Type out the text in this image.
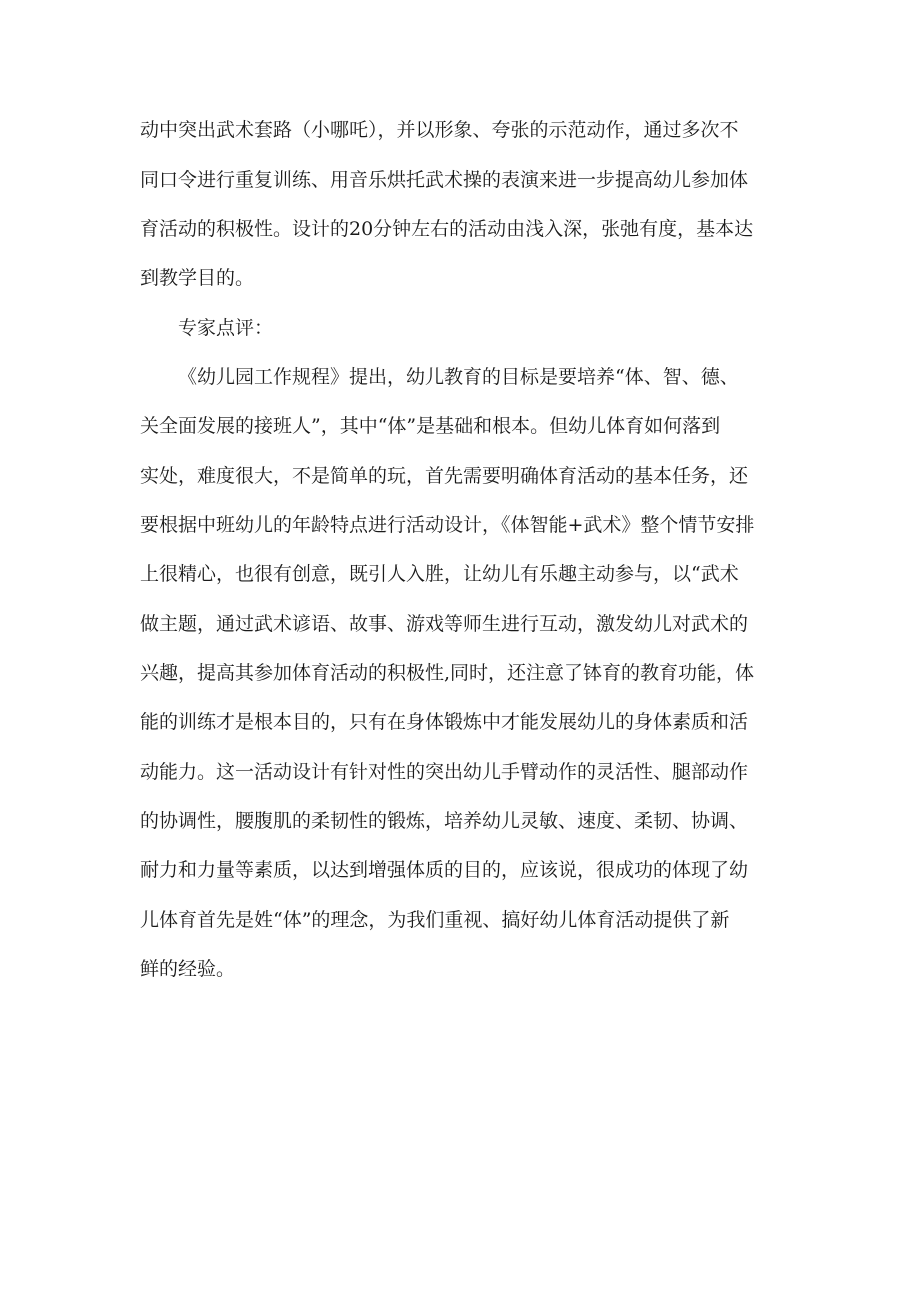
动中突出武术套路（小哪吒），并以形象、夸张的示范动作，通过多次不
同口令进行重复训练、用音乐烘托武术操的表演来进一步提高幼儿参加体
育活动的积极性。设计的20分钟左右的活动由浅入深，张弛有度，基本达
到教学目的。
专家点评：
《幼儿园工作规程》提出，幼儿教育的目标是要培养“体、智、德、
关全面发展的接班人”，其中“体”是基础和根本。但幼儿体育如何落到
实处，难度很大，不是简单的玩，首先需要明确体育活动的基本任务，还
要根据中班幼儿的年龄特点进行活动设计，《体智能+武术》整个情节安排
上很精心，也很有创意，既引人入胜，让幼儿有乐趣主动参与，以“武术
做主题，通过武术谚语、故事、游戏等师生进行互动，激发幼儿对武术的
兴趣，提高其参加体育活动的积极性,同时，还注意了钵育的教育功能，体
能的训练才是根本目的，只有在身体锻炼中才能发展幼儿的身体素质和活
动能力。这一活动设计有针对性的突出幼儿手臂动作的灵活性、腿部动作
的协调性，腰腹肌的柔韧性的锻炼，培养幼儿灵敏、速度、柔韧、协调、
耐力和力量等素质，以达到增强体质的目的，应该说，很成功的体现了幼
儿体育首先是姓“体”的理念，为我们重视、搞好幼儿体育活动提供了新
鲜的经验。
